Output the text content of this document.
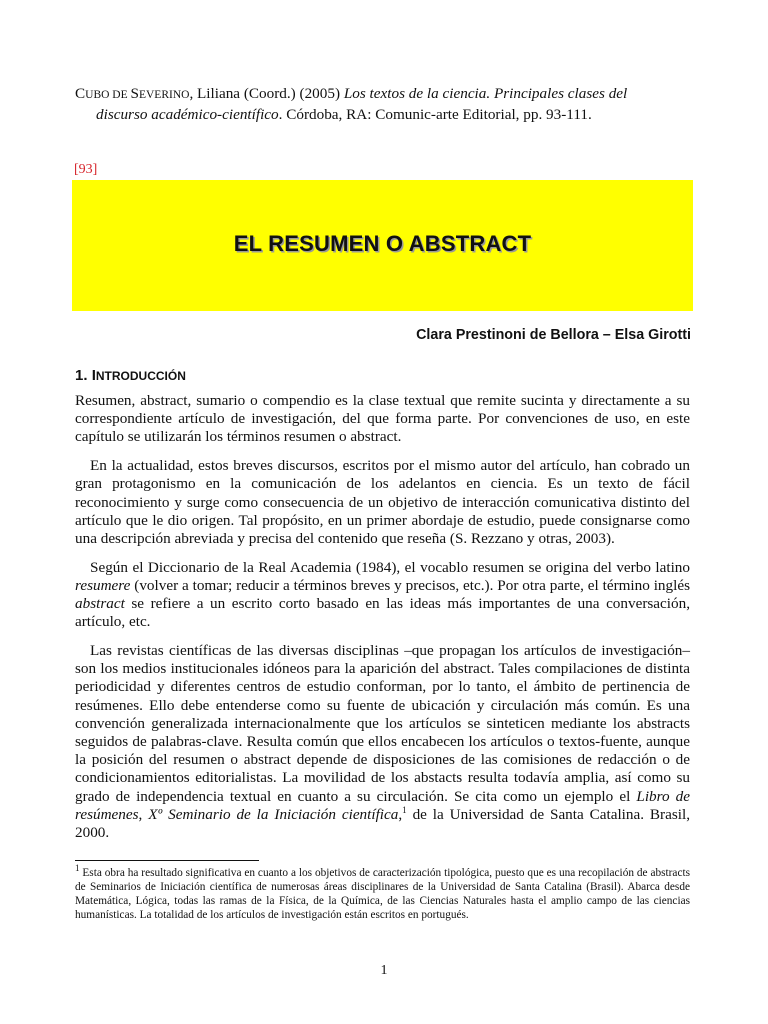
CUBO DE SEVERINO, Liliana (Coord.) (2005) Los textos de la ciencia. Principales clases del
discurso académico-científico. Córdoba, RA: Comunic-arte Editorial, pp. 93-111.
[93]
EL RESUMEN O ABSTRACT
Clara Prestinoni de Bellora – Elsa Girotti
1. INTRODUCCIÓN

Resumen, abstract, sumario o compendio es la clase textual que remite sucinta y directamente a su correspondiente artículo de investigación, del que forma parte. Por convenciones de uso, en este capítulo se utilizarán los términos resumen o abstract.

En la actualidad, estos breves discursos, escritos por el mismo autor del artículo, han cobrado un gran protagonismo en la comunicación de los adelantos en ciencia. Es un texto de fácil reconocimiento y surge como consecuencia de un objetivo de interacción comunicativa distinto del artículo que le dio origen. Tal propósito, en un primer abordaje de estudio, puede consignarse como una descripción abreviada y precisa del contenido que reseña (S. Rezzano y otras, 2003).

Según el Diccionario de la Real Academia (1984), el vocablo resumen se origina del verbo latino resumere (volver a tomar; reducir a términos breves y precisos, etc.). Por otra parte, el término inglés abstract se refiere a un escrito corto basado en las ideas más importantes de una conversación, artículo, etc.

Las revistas científicas de las diversas disciplinas –que propagan los artículos de investigación– son los medios institucionales idóneos para la aparición del abstract. Tales compilaciones de distinta periodicidad y diferentes centros de estudio conforman, por lo tanto, el ámbito de pertinencia de resúmenes. Ello debe entenderse como su fuente de ubicación y circulación más común. Es una convención generalizada internacionalmente que los artículos se sinteticen mediante los abstracts seguidos de palabras-clave. Resulta común que ellos encabecen los artículos o textos-fuente, aunque la posición del resumen o abstract depende de disposiciones de las comisiones de redacción o de condicionamientos editorialistas. La movilidad de los abstacts resulta todavía amplia, así como su grado de independencia textual en cuanto a su circulación. Se cita como un ejemplo el Libro de resúmenes, Xº Seminario de la Iniciación científica,$^1$ de la Universidad de Santa Catalina. Brasil, 2000.

$^1$ Esta obra ha resultado significativa en cuanto a los objetivos de caracterización tipológica, puesto que es una recopilación de abstracts de Seminarios de Iniciación científica de numerosas áreas disciplinares de la Universidad de Santa Catalina (Brasil). Abarca desde Matemática, Lógica, todas las ramas de la Física, de la Química, de las Ciencias Naturales hasta el amplio campo de las ciencias humanísticas. La totalidad de los artículos de investigación están escritos en portugués.
1
